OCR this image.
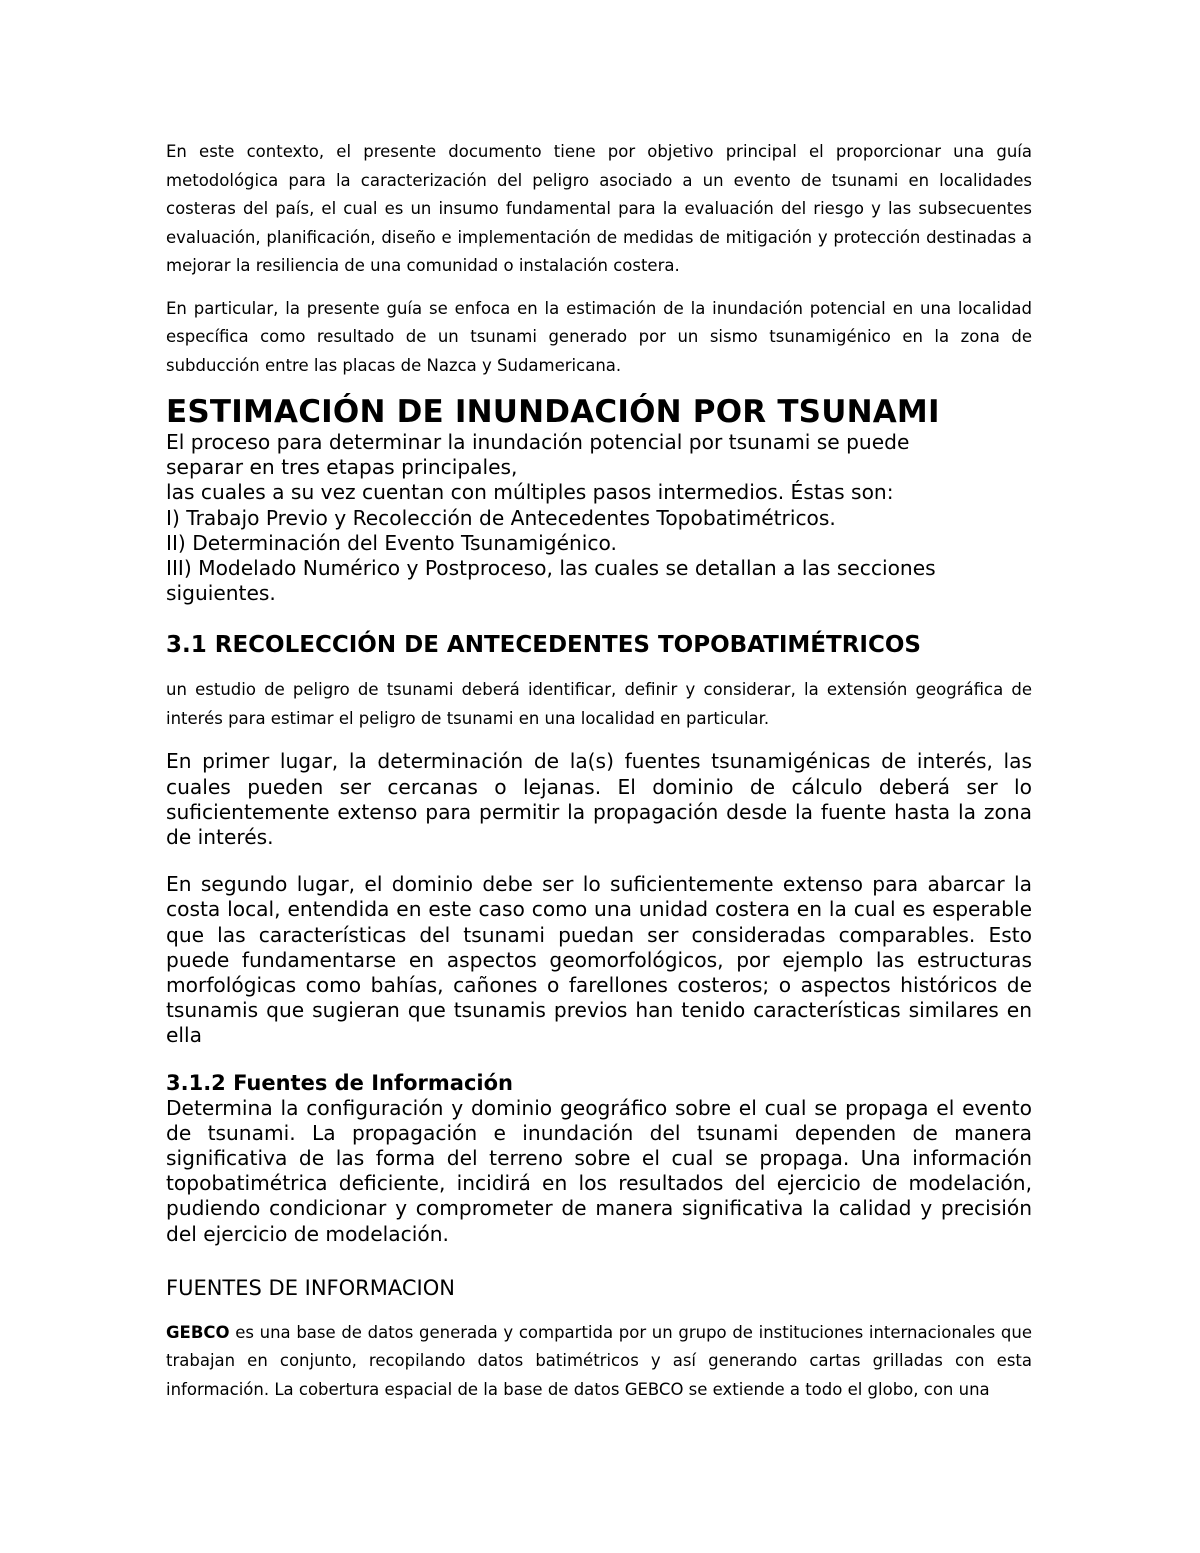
En este contexto, el presente documento tiene por objetivo principal el proporcionar una guía metodológica para la caracterización del peligro asociado a un evento de tsunami en localidades costeras del país, el cual es un insumo fundamental para la evaluación del riesgo y las subsecuentes evaluación, planificación, diseño e implementación de medidas de mitigación y protección destinadas a mejorar la resiliencia de una comunidad o instalación costera.

En particular, la presente guía se enfoca en la estimación de la inundación potencial en una localidad específica como resultado de un tsunami generado por un sismo tsunamigénico en la zona de subducción entre las placas de Nazca y Sudamericana.

ESTIMACIÓN DE INUNDACIÓN POR TSUNAMI
El proceso para determinar la inundación potencial por tsunami se puede
separar en tres etapas principales,
las cuales a su vez cuentan con múltiples pasos intermedios. Éstas son:
I) Trabajo Previo y Recolección de Antecedentes Topobatimétricos.
II) Determinación del Evento Tsunamigénico.
III) Modelado Numérico y Postproceso, las cuales se detallan a las secciones
siguientes.
3.1 RECOLECCIÓN DE ANTECEDENTES TOPOBATIMÉTRICOS

un estudio de peligro de tsunami deberá identificar, definir y considerar, la extensión geográfica de interés para estimar el peligro de tsunami en una localidad en particular.

En primer lugar, la determinación de la(s) fuentes tsunamigénicas de interés, las cuales pueden ser cercanas o lejanas. El dominio de cálculo deberá ser lo suficientemente extenso para permitir la propagación desde la fuente hasta la zona de interés.

En segundo lugar, el dominio debe ser lo suficientemente extenso para abarcar la costa local, entendida en este caso como una unidad costera en la cual es esperable que las características del tsunami puedan ser consideradas comparables. Esto puede fundamentarse en aspectos geomorfológicos, por ejemplo las estructuras morfológicas como bahías, cañones o farellones costeros; o aspectos históricos de tsunamis que sugieran que tsunamis previos han tenido características similares en ella

3.1.2 Fuentes de Información

Determina la configuración y dominio geográfico sobre el cual se propaga el evento de tsunami. La propagación e inundación del tsunami dependen de manera significativa de las forma del terreno sobre el cual se propaga. Una información topobatimétrica deficiente, incidirá en los resultados del ejercicio de modelación, pudiendo condicionar y comprometer de manera significativa la calidad y precisión del ejercicio de modelación.

FUENTES DE INFORMACION

GEBCO es una base de datos generada y compartida por un grupo de instituciones internacionales que trabajan en conjunto, recopilando datos batimétricos y así generando cartas grilladas con esta información. La cobertura espacial de la base de datos GEBCO se extiende a todo el globo, con una
